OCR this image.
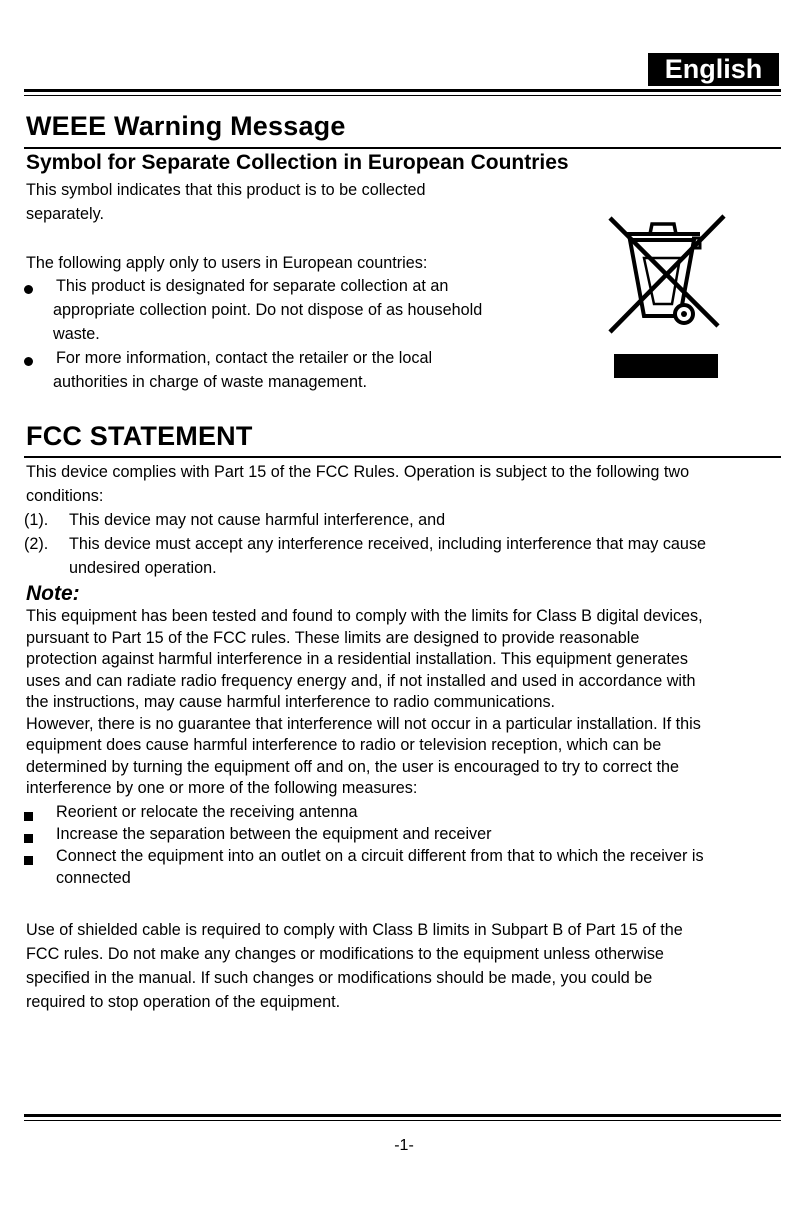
English
WEEE Warning Message
Symbol for Separate Collection in European Countries
This symbol indicates that this product is to be collected
separately.
The following apply only to users in European countries:
This product is designated for separate collection at an
appropriate collection point. Do not dispose of as household
waste.
For more information, contact the retailer or the local
authorities in charge of waste management.
FCC STATEMENT
This device complies with Part 15 of the FCC Rules. Operation is subject to the following two
conditions:
(1). This device may not cause harmful interference, and
(2). This device must accept any interference received, including interference that may cause
undesired operation.
Note:
This equipment has been tested and found to comply with the limits for Class B digital devices,
pursuant to Part 15 of the FCC rules. These limits are designed to provide reasonable
protection against harmful interference in a residential installation. This equipment generates
uses and can radiate radio frequency energy and, if not installed and used in accordance with
the instructions, may cause harmful interference to radio communications.
However, there is no guarantee that interference will not occur in a particular installation. If this
equipment does cause harmful interference to radio or television reception, which can be
determined by turning the equipment off and on, the user is encouraged to try to correct the
interference by one or more of the following measures:
Reorient or relocate the receiving antenna
Increase the separation between the equipment and receiver
Connect the equipment into an outlet on a circuit different from that to which the receiver is
connected
Use of shielded cable is required to comply with Class B limits in Subpart B of Part 15 of the
FCC rules. Do not make any changes or modifications to the equipment unless otherwise
specified in the manual. If such changes or modifications should be made, you could be
required to stop operation of the equipment.
-1-
